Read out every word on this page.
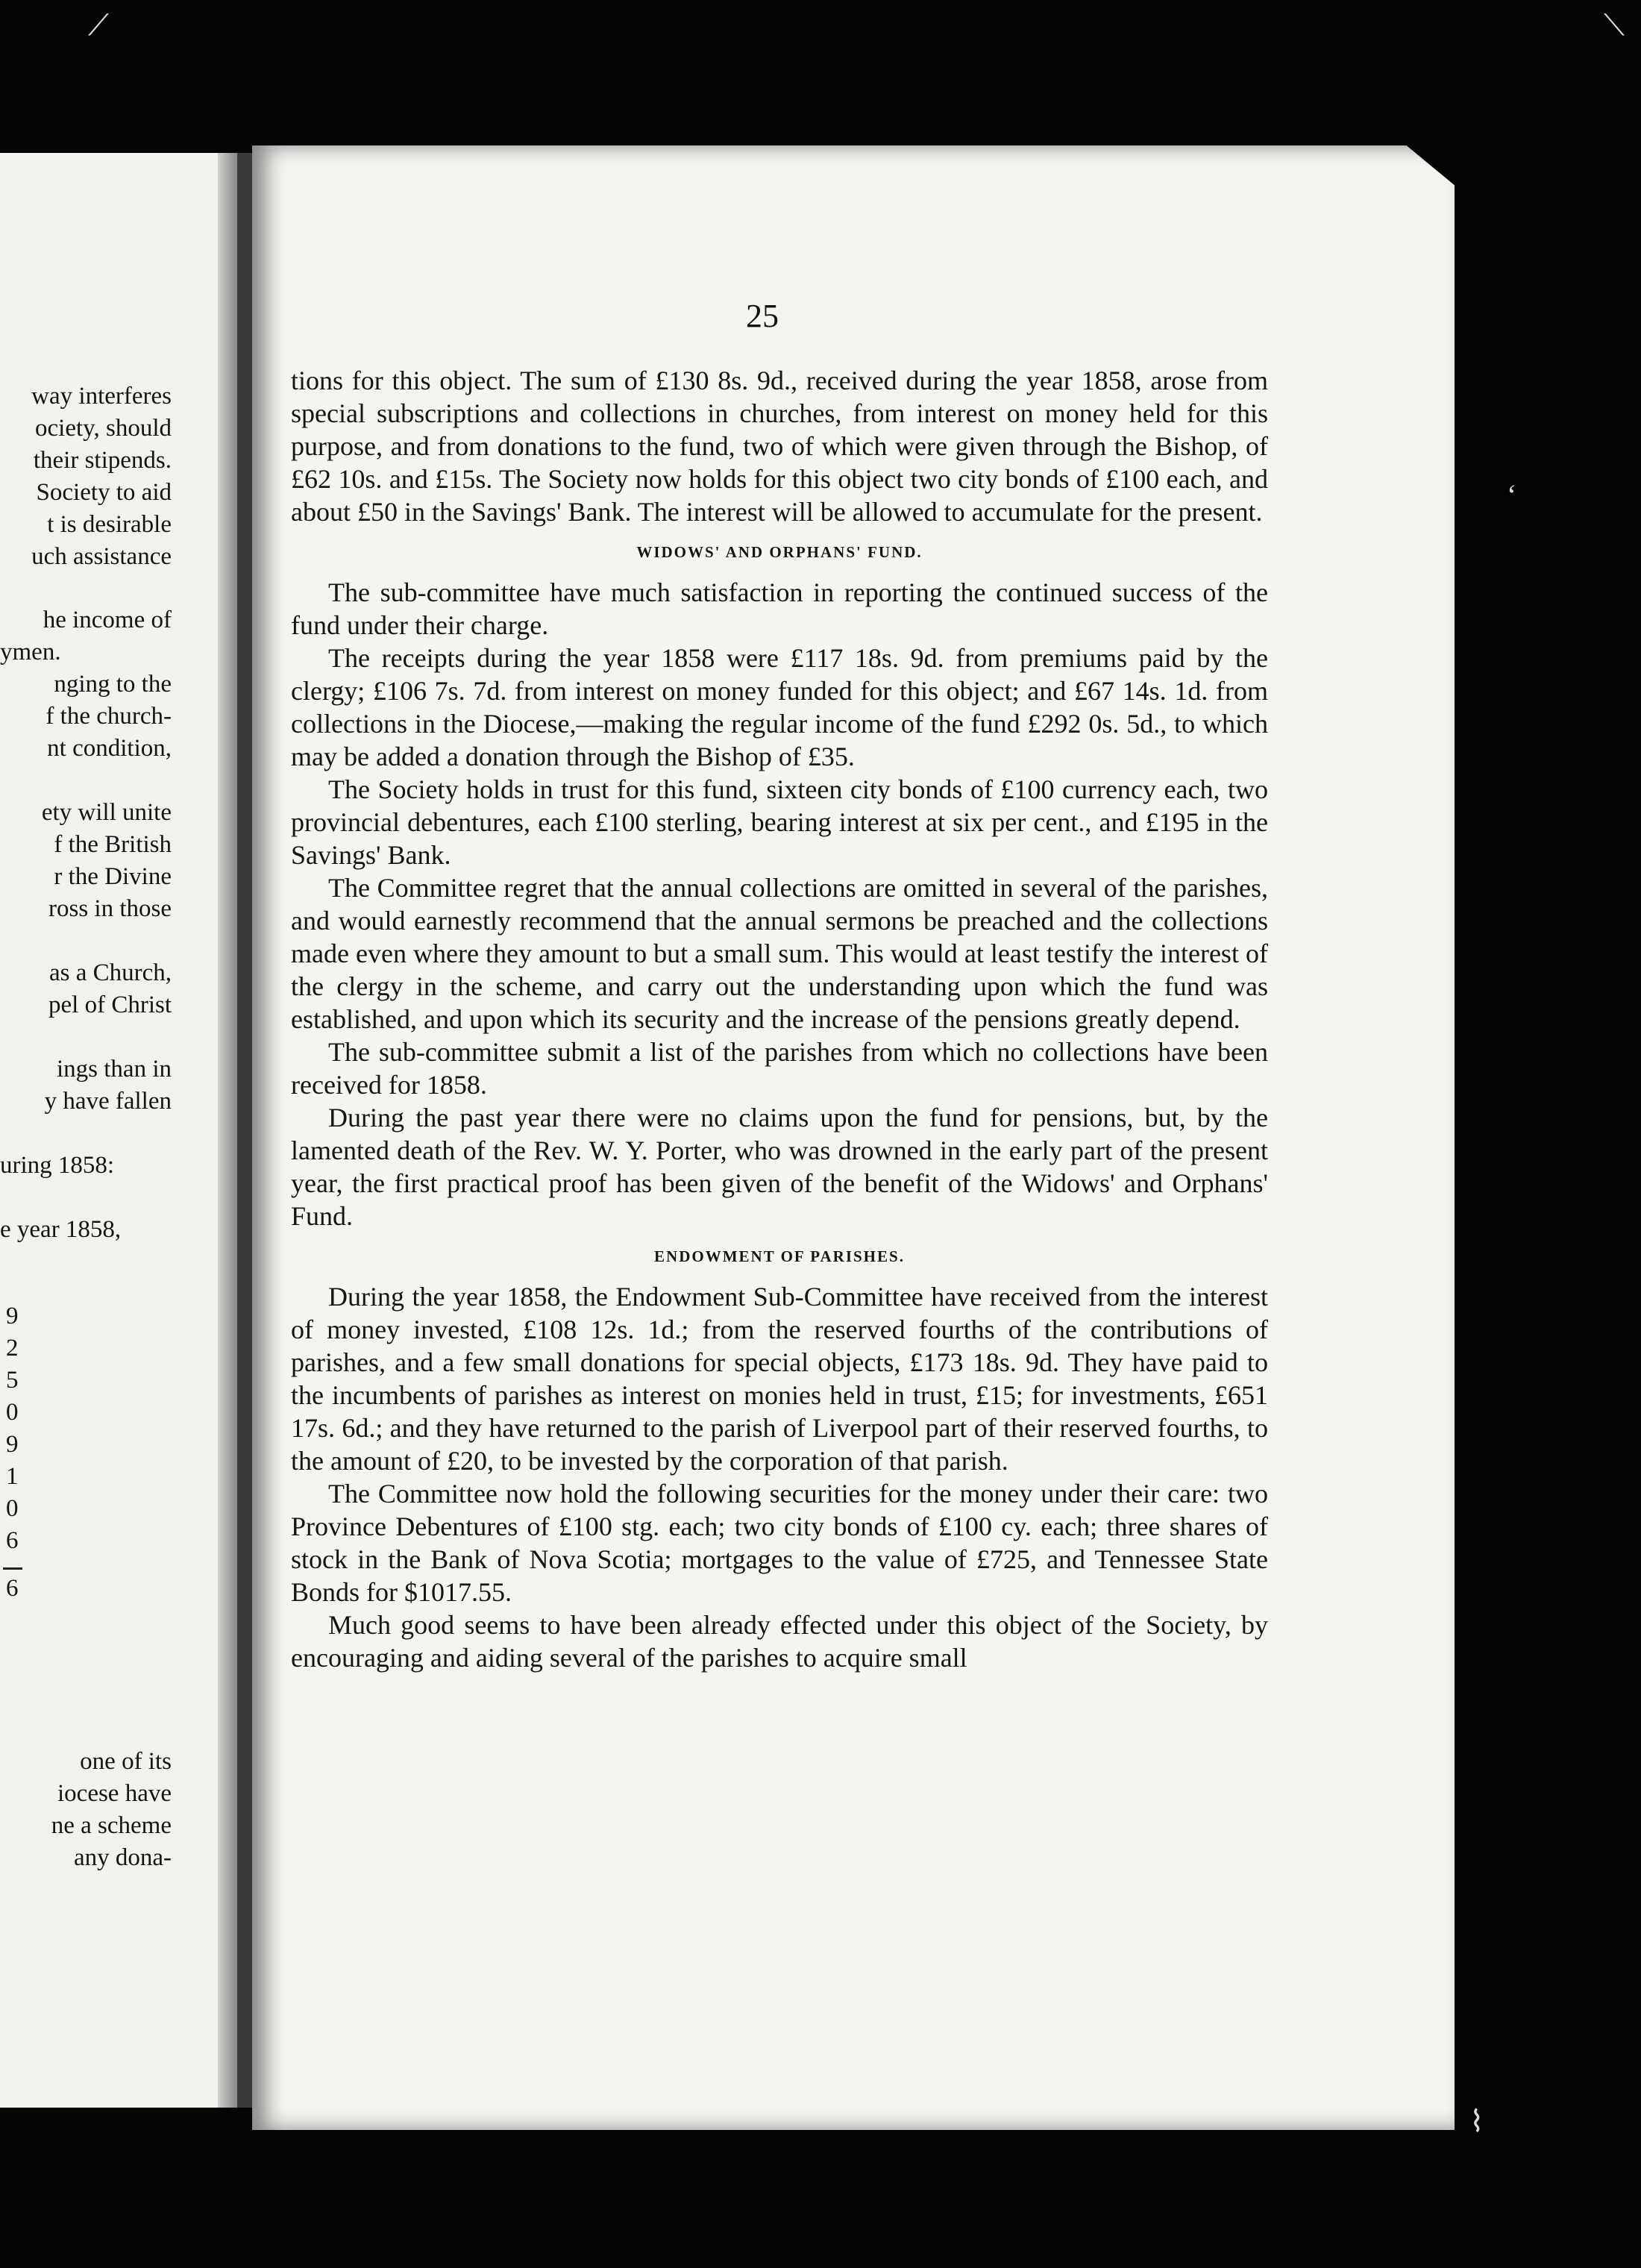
way interferes
ociety, should
their stipends.
Society to aid
t is desirable
uch assistance
he income of
ymen.
nging to the
f the church-
nt condition,
ety will unite
f the British
r the Divine
ross in those
as a Church,
pel of Christ
ings than in
y have fallen
uring 1858:
e year 1858,
9
2
5
0
9
1
0
6
6
one of its
iocese have
ne a scheme
any dona-
25

tions for this object. The sum of £130 8s. 9d., received during the year 1858, arose from special subscriptions and collections in churches, from interest on money held for this purpose, and from donations to the fund, two of which were given through the Bishop, of £62 10s. and £15s. The Society now holds for this object two city bonds of £100 each, and about £50 in the Savings' Bank. The interest will be allowed to accumulate for the present.

WIDOWS' AND ORPHANS' FUND.

The sub-committee have much satisfaction in reporting the continued success of the fund under their charge.

The receipts during the year 1858 were £117 18s. 9d. from premiums paid by the clergy; £106 7s. 7d. from interest on money funded for this object; and £67 14s. 1d. from collections in the Diocese,—making the regular income of the fund £292 0s. 5d., to which may be added a donation through the Bishop of £35.

The Society holds in trust for this fund, sixteen city bonds of £100 currency each, two provincial debentures, each £100 sterling, bearing interest at six per cent., and £195 in the Savings' Bank.

The Committee regret that the annual collections are omitted in several of the parishes, and would earnestly recommend that the annual sermons be preached and the collections made even where they amount to but a small sum. This would at least testify the interest of the clergy in the scheme, and carry out the understanding upon which the fund was established, and upon which its security and the increase of the pensions greatly depend.

The sub-committee submit a list of the parishes from which no collections have been received for 1858.

During the past year there were no claims upon the fund for pensions, but, by the lamented death of the Rev. W. Y. Porter, who was drowned in the early part of the present year, the first practical proof has been given of the benefit of the Widows' and Orphans' Fund.

ENDOWMENT OF PARISHES.

During the year 1858, the Endowment Sub-Committee have received from the interest of money invested, £108 12s. 1d.; from the reserved fourths of the contributions of parishes, and a few small donations for special objects, £173 18s. 9d. They have paid to the incumbents of parishes as interest on monies held in trust, £15; for investments, £651 17s. 6d.; and they have returned to the parish of Liverpool part of their reserved fourths, to the amount of £20, to be invested by the corporation of that parish.

The Committee now hold the following securities for the money under their care: two Province Debentures of £100 stg. each; two city bonds of £100 cy. each; three shares of stock in the Bank of Nova Scotia; mortgages to the value of £725, and Tennessee State Bonds for $1017.55.

Much good seems to have been already effected under this object of the Society, by encouraging and aiding several of the parishes to acquire small

⟋	⟍
‘
⌇
